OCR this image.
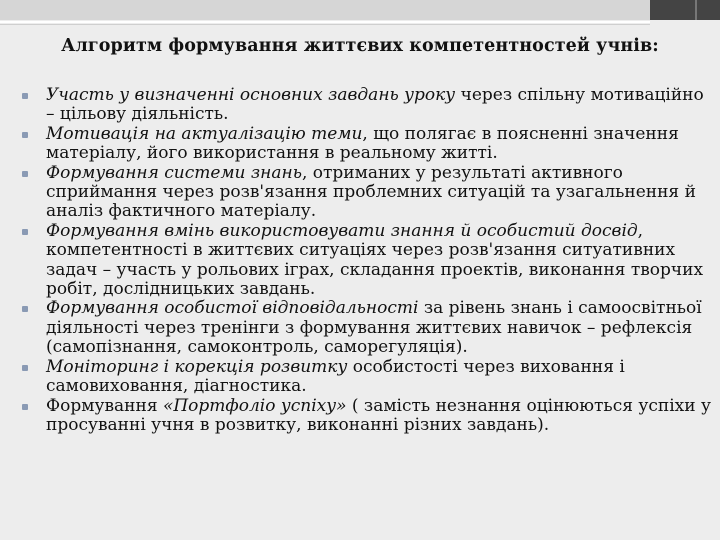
Алгоритм формування життєвих компетентностей учнів:
Участь у визначенні основних завдань уроку через спільну мотиваційно – цільову діяльність.
Мотивація на актуалізацію теми, що полягає в поясненні значення матеріалу, його використання в реальному житті.
Формування системи знань, отриманих у результаті активного сприймання через розв'язання проблемних ситуацій та узагальнення й аналіз фактичного матеріалу.
Формування вмінь використовувати знання й особистий досвід, компетентності в життєвих ситуаціях через розв'язання ситуативних задач – участь у рольових іграх, складання проектів, виконання творчих робіт, дослідницьких завдань.
Формування особистої відповідальності за рівень знань і самоосвітньої діяльності через тренінги з формування життєвих навичок – рефлексія (самопізнання, самоконтроль, саморегуляція).
Моніторинг і корекція розвитку особистості через виховання і самовиховання, діагностика.
Формування «Портфоліо успіху» ( замість незнання оцінюються успіхи у просуванні учня в розвитку, виконанні різних завдань).
